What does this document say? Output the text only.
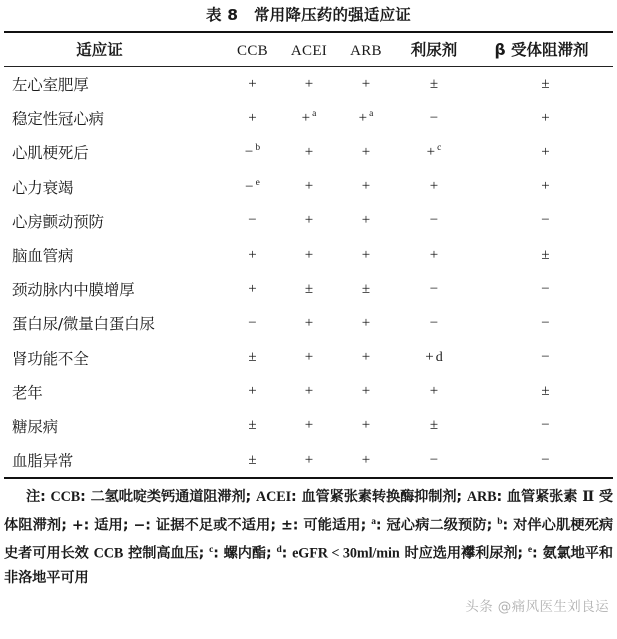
表 8　常用降压药的强适应证
适应证	CCB	ACEI	ARB	利尿剂	β 受体阻滞剂
左心室肥厚	+	+	+	±	±
稳定性冠心病	+	+ $^a$	+ $^a$	−	+
心肌梗死后	− $^b$	+	+	+ $^c$	+
心力衰竭	− $^e$	+	+	+	+
心房颤动预防	−	+	+	−	−
脑血管病	+	+	+	+	±
颈动脉内中膜增厚	+	±	±	−	−
蛋白尿/微量白蛋白尿	−	+	+	−	−
肾功能不全	±	+	+	+ d	−
老年	+	+	+	+	±
糖尿病	±	+	+	±	−
血脂异常	±	+	+	−	−
注: CCB: 二氢吡啶类钙通道阻滞剂; ACEI: 血管紧张素转换酶抑制剂; ARB: 血管紧张素 Ⅱ 受体阻滞剂; +: 适用; −: 证据不足或不适用; ±: 可能适用; $^a$: 冠心病二级预防; $^b$: 对伴心肌梗死病史者可用长效 CCB 控制高血压; $^c$: 螺内酯; $^d$: eGFR < 30ml/min 时应选用襻利尿剂; $^e$: 氨氯地平和非洛地平可用
头条 @痛风医生刘良运
